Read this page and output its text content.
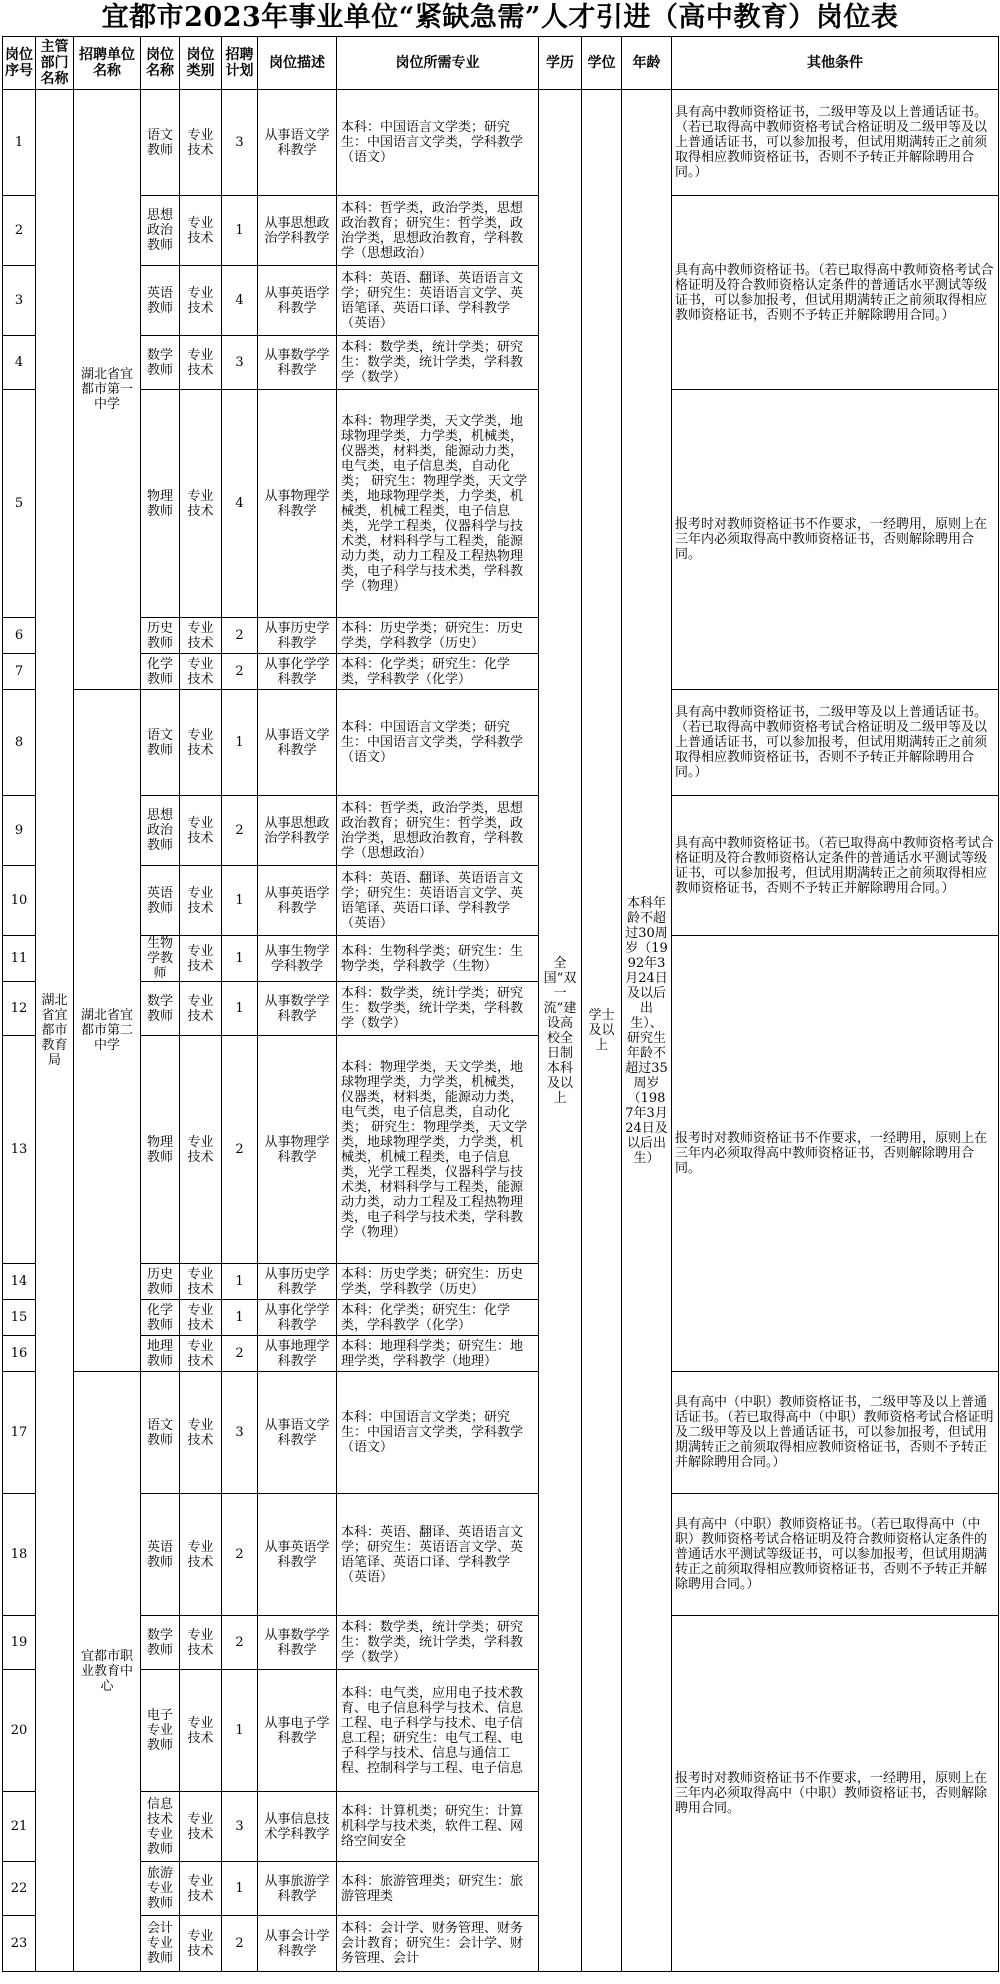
宜都市2023年事业单位“紧缺急需”人才引进（高中教育）岗位表
岗位序号	主管部门名称	招聘单位名称	岗位名称	岗位类别	招聘计划	岗位描述	岗位所需专业	学历	学位	年龄	其他条件
1	湖北省宜都市教育局	湖北省宜都市第一中学	语文教师	专业技术	3	从事语文学科教学	本科：中国语言文学类；研究生：中国语言文学类，学科教学（语文）	全国“双一流”建设高校全日制本科及以上	学士及以上	本科年龄不超过30周岁（1992年3月24日及以后出生）、研究生年龄不超过35周岁（1987年3月24日及以后出生）	具有高中教师资格证书，二级甲等及以上普通话证书。（若已取得高中教师资格考试合格证明及二级甲等及以上普通话证书，可以参加报考，但试用期满转正之前须取得相应教师资格证书，否则不予转正并解除聘用合同。）
2			思想政治教师	专业技术	1	从事思想政治学科教学	本科：哲学类，政治学类，思想政治教育；研究生：哲学类，政治学类，思想政治教育，学科教学（思想政治）				具有高中教师资格证书。（若已取得高中教师资格考试合格证明及符合教师资格认定条件的普通话水平测试等级证书，可以参加报考，但试用期满转正之前须取得相应教师资格证书，否则不予转正并解除聘用合同。）
3			英语教师	专业技术	4	从事英语学科教学	本科：英语、翻译、英语语言文学；研究生：英语语言文学、英语笔译、英语口译、学科教学（英语）				
4			数学教师	专业技术	3	从事数学学科教学	本科：数学类，统计学类；研究生：数学类，统计学类，学科教学（数学）				
5			物理教师	专业技术	4	从事物理学科教学	本科：物理学类，天文学类，地球物理学类，力学类，机械类，仪器类，材料类，能源动力类，电气类，电子信息类，自动化类； 研究生：物理学类，天文学类，地球物理学类，力学类，机械类，机械工程类，电子信息类，光学工程类，仪器科学与技术类，材料科学与工程类，能源动力类，动力工程及工程热物理类，电子科学与技术类，学科教学（物理）				报考时对教师资格证书不作要求，一经聘用，原则上在三年内必须取得高中教师资格证书，否则解除聘用合同。
6			历史教师	专业技术	2	从事历史学科教学	本科：历史学类；研究生：历史学类，学科教学（历史）				
7			化学教师	专业技术	2	从事化学学科教学	本科：化学类；研究生：化学类，学科教学（化学）				
8		湖北省宜都市第二中学	语文教师	专业技术	1	从事语文学科教学	本科：中国语言文学类；研究生：中国语言文学类，学科教学（语文）				具有高中教师资格证书，二级甲等及以上普通话证书。（若已取得高中教师资格考试合格证明及二级甲等及以上普通话证书，可以参加报考，但试用期满转正之前须取得相应教师资格证书，否则不予转正并解除聘用合同。）
9			思想政治教师	专业技术	2	从事思想政治学科教学	本科：哲学类，政治学类，思想政治教育；研究生：哲学类，政治学类，思想政治教育，学科教学（思想政治）				具有高中教师资格证书。（若已取得高中教师资格考试合格证明及符合教师资格认定条件的普通话水平测试等级证书，可以参加报考，但试用期满转正之前须取得相应教师资格证书，否则不予转正并解除聘用合同。）
10			英语教师	专业技术	1	从事英语学科教学	本科：英语、翻译、英语语言文学；研究生：英语语言文学、英语笔译、英语口译、学科教学（英语）				
11			生物学教师	专业技术	1	从事生物学学科教学	本科：生物科学类；研究生：生物学类，学科教学（生物）				报考时对教师资格证书不作要求，一经聘用，原则上在三年内必须取得高中教师资格证书，否则解除聘用合同。
12			数学教师	专业技术	1	从事数学学科教学	本科：数学类，统计学类；研究生：数学类，统计学类，学科教学（数学）				
13			物理教师	专业技术	2	从事物理学科教学	本科：物理学类，天文学类，地球物理学类，力学类，机械类，仪器类，材料类，能源动力类，电气类，电子信息类，自动化类； 研究生：物理学类，天文学类，地球物理学类，力学类，机械类，机械工程类，电子信息类，光学工程类，仪器科学与技术类，材料科学与工程类，能源动力类，动力工程及工程热物理类，电子科学与技术类，学科教学（物理）				
14			历史教师	专业技术	1	从事历史学科教学	本科：历史学类；研究生：历史学类，学科教学（历史）				
15			化学教师	专业技术	1	从事化学学科教学	本科：化学类；研究生：化学类，学科教学（化学）				
16			地理教师	专业技术	2	从事地理学科教学	本科：地理科学类；研究生：地理学类，学科教学（地理）				
17		宜都市职业教育中心	语文教师	专业技术	3	从事语文学科教学	本科：中国语言文学类；研究生：中国语言文学类，学科教学（语文）				具有高中（中职）教师资格证书，二级甲等及以上普通话证书。（若已取得高中（中职）教师资格考试合格证明及二级甲等及以上普通话证书，可以参加报考，但试用期满转正之前须取得相应教师资格证书，否则不予转正并解除聘用合同。）
18			英语教师	专业技术	2	从事英语学科教学	本科：英语、翻译、英语语言文学；研究生：英语语言文学、英语笔译、英语口译、学科教学（英语）				具有高中（中职）教师资格证书。（若已取得高中（中职）教师资格考试合格证明及符合教师资格认定条件的普通话水平测试等级证书，可以参加报考，但试用期满转正之前须取得相应教师资格证书，否则不予转正并解除聘用合同。）
19			数学教师	专业技术	2	从事数学学科教学	本科：数学类，统计学类；研究生：数学类，统计学类，学科教学（数学）				报考时对教师资格证书不作要求，一经聘用，原则上在三年内必须取得高中（中职）教师资格证书，否则解除聘用合同。
20			电子专业教师	专业技术	1	从事电子学科教学	本科：电气类，应用电子技术教育、电子信息科学与技术、信息工程、电子科学与技术、电子信息工程；研究生：电气工程、电子科学与技术、信息与通信工程、控制科学与工程、电子信息				
21			信息技术专业教师	专业技术	3	从事信息技术学科教学	本科：计算机类；研究生：计算机科学与技术类，软件工程、网络空间安全				
22			旅游专业教师	专业技术	1	从事旅游学科教学	本科：旅游管理类；研究生：旅游管理类				
23			会计专业教师	专业技术	2	从事会计学科教学	本科：会计学、财务管理、财务会计教育；研究生：会计学、财务管理、会计				
